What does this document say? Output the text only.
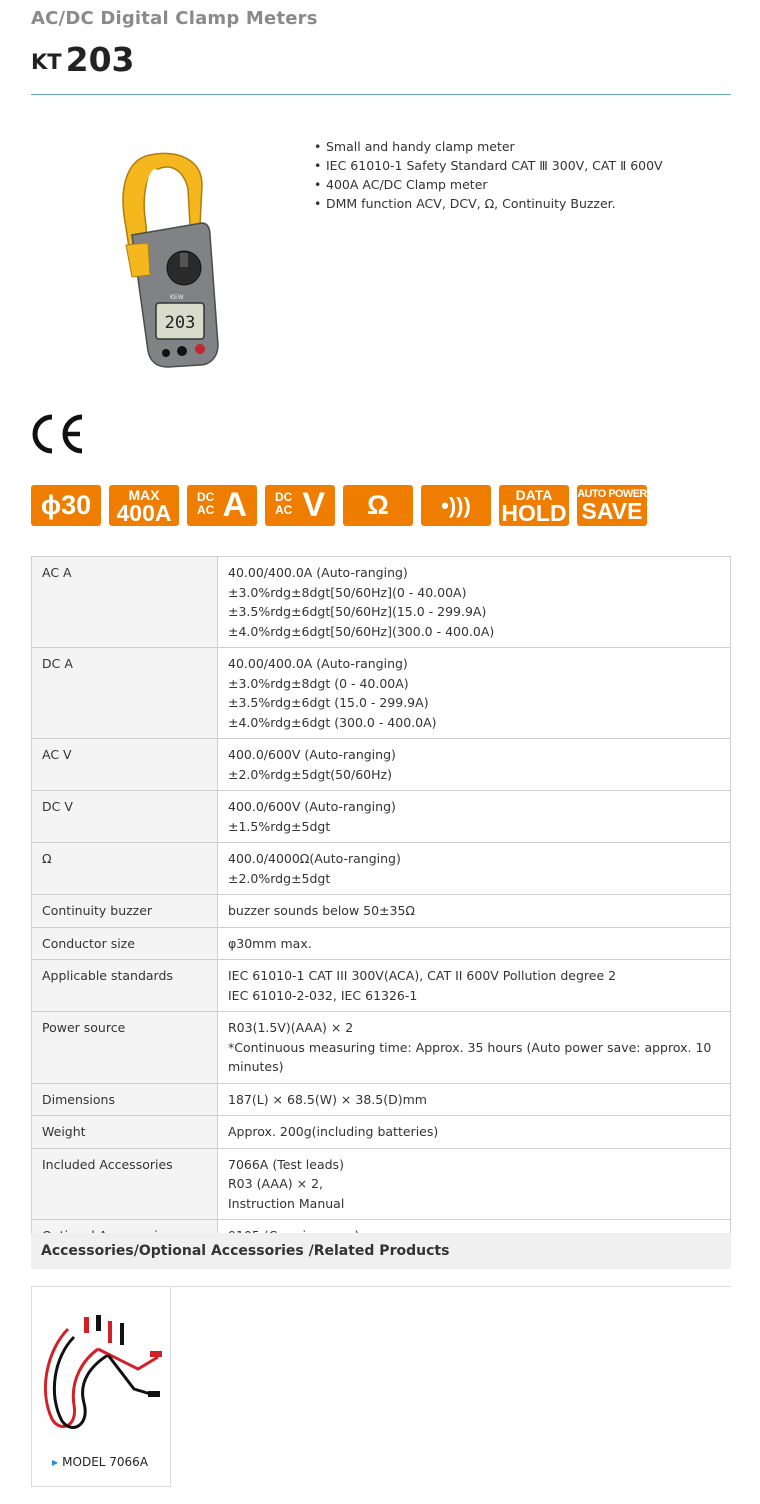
AC/DC Digital Clamp Meters
KT 203
203
KEW
• Small and handy clamp meter
• IEC 61010-1 Safety Standard CAT Ⅲ 300V, CAT Ⅱ 600V
• 400A AC/DC Clamp meter
• DMM function ACV, DCV, Ω, Continuity Buzzer.
ɸ30	MAX
400A
DC
AC A DC
AC V	Ω	•)))	DATA
HOLD
AUTO POWER
SAVE
AC A	40.00/400.0A (Auto-ranging)
±3.0%rdg±8dgt[50/60Hz](0 - 40.00A)
±3.5%rdg±6dgt[50/60Hz](15.0 - 299.9A)
±4.0%rdg±6dgt[50/60Hz](300.0 - 400.0A)

DC A	40.00/400.0A (Auto-ranging)
±3.0%rdg±8dgt (0 - 40.00A)
±3.5%rdg±6dgt (15.0 - 299.9A)
±4.0%rdg±6dgt (300.0 - 400.0A)

AC V	400.0/600V (Auto-ranging)
±2.0%rdg±5dgt(50/60Hz)

DC V	400.0/600V (Auto-ranging)
±1.5%rdg±5dgt

Ω	400.0/4000Ω(Auto-ranging)
±2.0%rdg±5dgt

Continuity buzzer	buzzer sounds below 50±35Ω

Conductor size	φ30mm max.

Applicable standards	IEC 61010-1 CAT III 300V(ACA), CAT II 600V Pollution degree 2
IEC 61010-2-032, IEC 61326-1

Power source	R03(1.5V)(AAA) × 2
*Continuous measuring time: Approx. 35 hours (Auto power save: approx. 10 minutes)

Dimensions	187(L) × 68.5(W) × 38.5(D)mm

Weight	Approx. 200g(including batteries)

Included Accessories	7066A (Test leads)
R03 (AAA) × 2,
Instruction Manual

Accessories/Optional Accessories /Related Products
▶ MODEL 7066A
